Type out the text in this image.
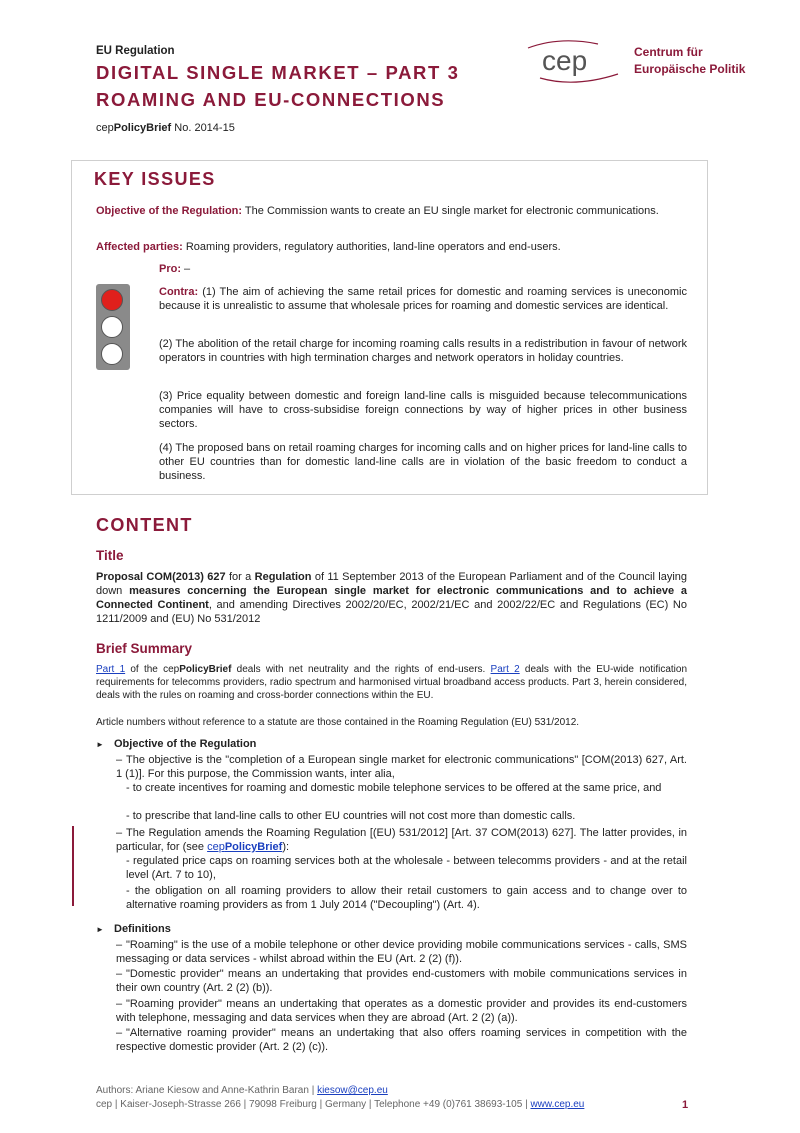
EU Regulation
DIGITAL SINGLE MARKET – PART 3
ROAMING AND EU-CONNECTIONS
cepPolicyBrief No. 2014-15
cep	Centrum für
Europäische Politik
KEY ISSUES
Objective of the Regulation: The Commission wants to create an EU single market for electronic communications.
Affected parties: Roaming providers, regulatory authorities, land-line operators and end-users.
Pro: –
Contra: (1) The aim of achieving the same retail prices for domestic and roaming services is uneconomic because it is unrealistic to assume that wholesale prices for roaming and domestic services are identical.
(2) The abolition of the retail charge for incoming roaming calls results in a redistribution in favour of network operators in countries with high termination charges and network operators in holiday countries.
(3) Price equality between domestic and foreign land-line calls is misguided because telecommunications companies will have to cross-subsidise foreign connections by way of higher prices in other business sectors.
(4) The proposed bans on retail roaming charges for incoming calls and on higher prices for land-line calls to other EU countries than for domestic land-line calls are in violation of the basic freedom to conduct a business.
CONTENT
Title
Proposal COM(2013) 627 for a Regulation of 11 September 2013 of the European Parliament and of the Council laying down measures concerning the European single market for electronic communications and to achieve a Connected Continent, and amending Directives 2002/20/EC, 2002/21/EC and 2002/22/EC and Regulations (EC) No 1211/2009 and (EU) No 531/2012
Brief Summary
Part 1 of the cepPolicyBrief deals with net neutrality and the rights of end-users. Part 2 deals with the EU-wide notification requirements for telecomms providers, radio spectrum and harmonised virtual broadband access products. Part 3, herein considered, deals with the rules on roaming and cross-border connections within the EU.
Article numbers without reference to a statute are those contained in the Roaming Regulation (EU) 531/2012.
► Objective of the Regulation
– The objective is the "completion of a European single market for electronic communications" [COM(2013) 627, Art. 1 (1)]. For this purpose, the Commission wants, inter alia,
- to create incentives for roaming and domestic mobile telephone services to be offered at the same price, and
- to prescribe that land-line calls to other EU countries will not cost more than domestic calls.
– The Regulation amends the Roaming Regulation [(EU) 531/2012] [Art. 37 COM(2013) 627]. The latter provides, in particular, for (see cepPolicyBrief):
- regulated price caps on roaming services both at the wholesale - between telecomms providers - and at the retail level (Art. 7 to 10),
- the obligation on all roaming providers to allow their retail customers to gain access and to change over to alternative roaming providers as from 1 July 2014 ("Decoupling") (Art. 4).
► Definitions
– "Roaming" is the use of a mobile telephone or other device providing mobile communications services - calls, SMS messaging or data services - whilst abroad within the EU (Art. 2 (2) (f)).
– "Domestic provider" means an undertaking that provides end-customers with mobile communications services in their own country (Art. 2 (2) (b)).
– "Roaming provider" means an undertaking that operates as a domestic provider and provides its end-customers with telephone, messaging and data services when they are abroad (Art. 2 (2) (a)).
– "Alternative roaming provider" means an undertaking that also offers roaming services in competition with the respective domestic provider (Art. 2 (2) (c)).
Authors: Ariane Kiesow and Anne-Kathrin Baran | kiesow@cep.eu
cep | Kaiser-Joseph-Strasse 266 | 79098 Freiburg | Germany | Telephone +49 (0)761 38693-105 | www.cep.eu	1
